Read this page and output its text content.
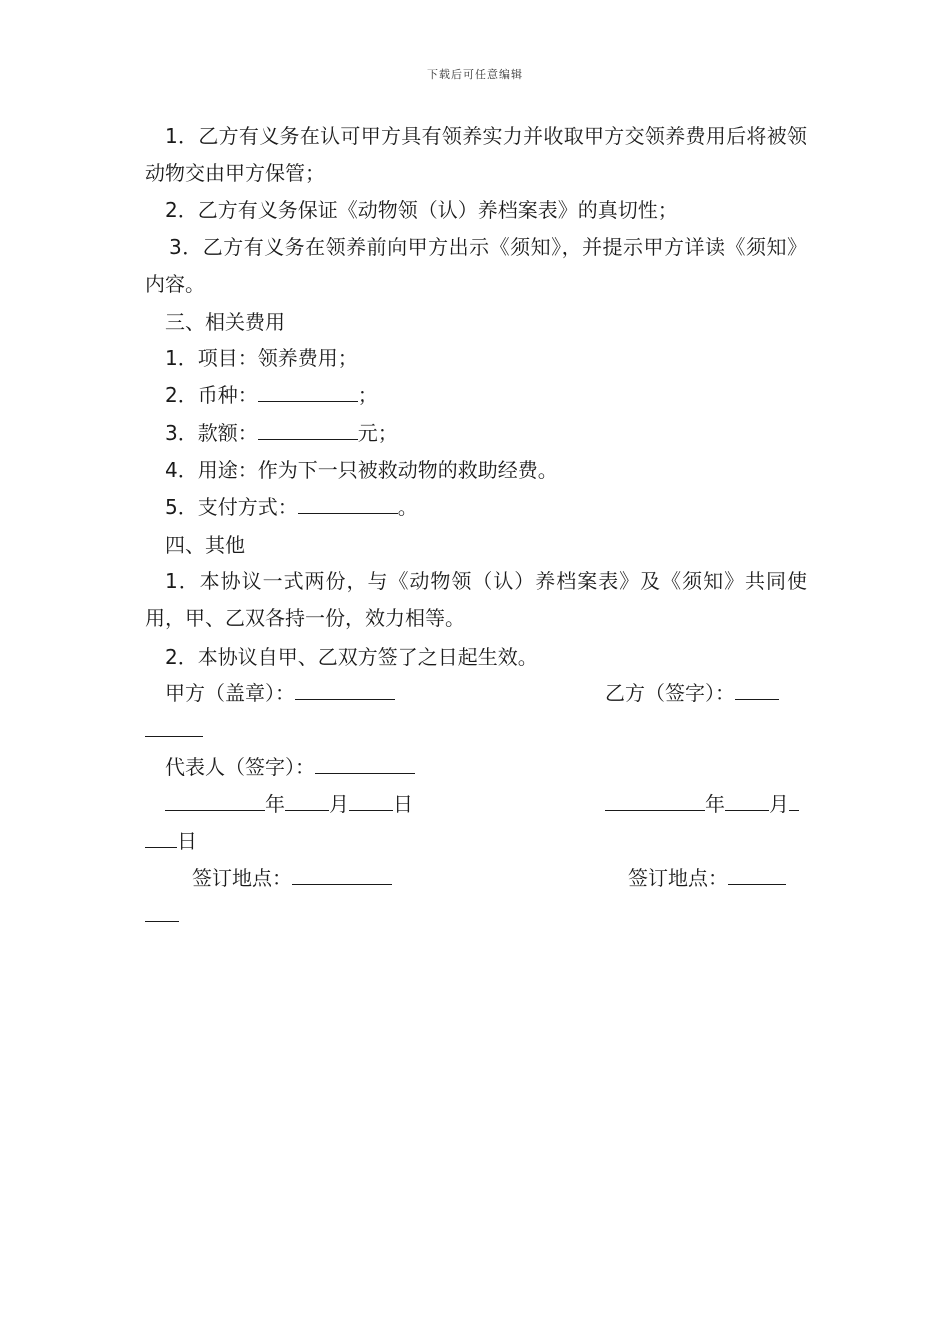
下载后可任意编辑
1．乙方有义务在认可甲方具有领养实力并收取甲方交领养费用后将被领动物交由甲方保管；
2．乙方有义务保证《动物领（认）养档案表》的真切性；
3．乙方有义务在领养前向甲方出示《须知》，并提示甲方详读《须知》内容。
三、相关费用
1．项目：领养费用；
2．币种：	；
3．款额：	元；
4．用途：作为下一只被救动物的救助经费。
5．支付方式：	。
四、其他
1．本协议一式两份，与《动物领（认）养档案表》及《须知》共同使用，甲、乙双各持一份，效力相等。
2．本协议自甲、乙双方签了之日起生效。
甲方（盖章）：	乙方（签字）：
代表人（签字）：
年 月 日	年 月
日
签订地点：	签订地点：
